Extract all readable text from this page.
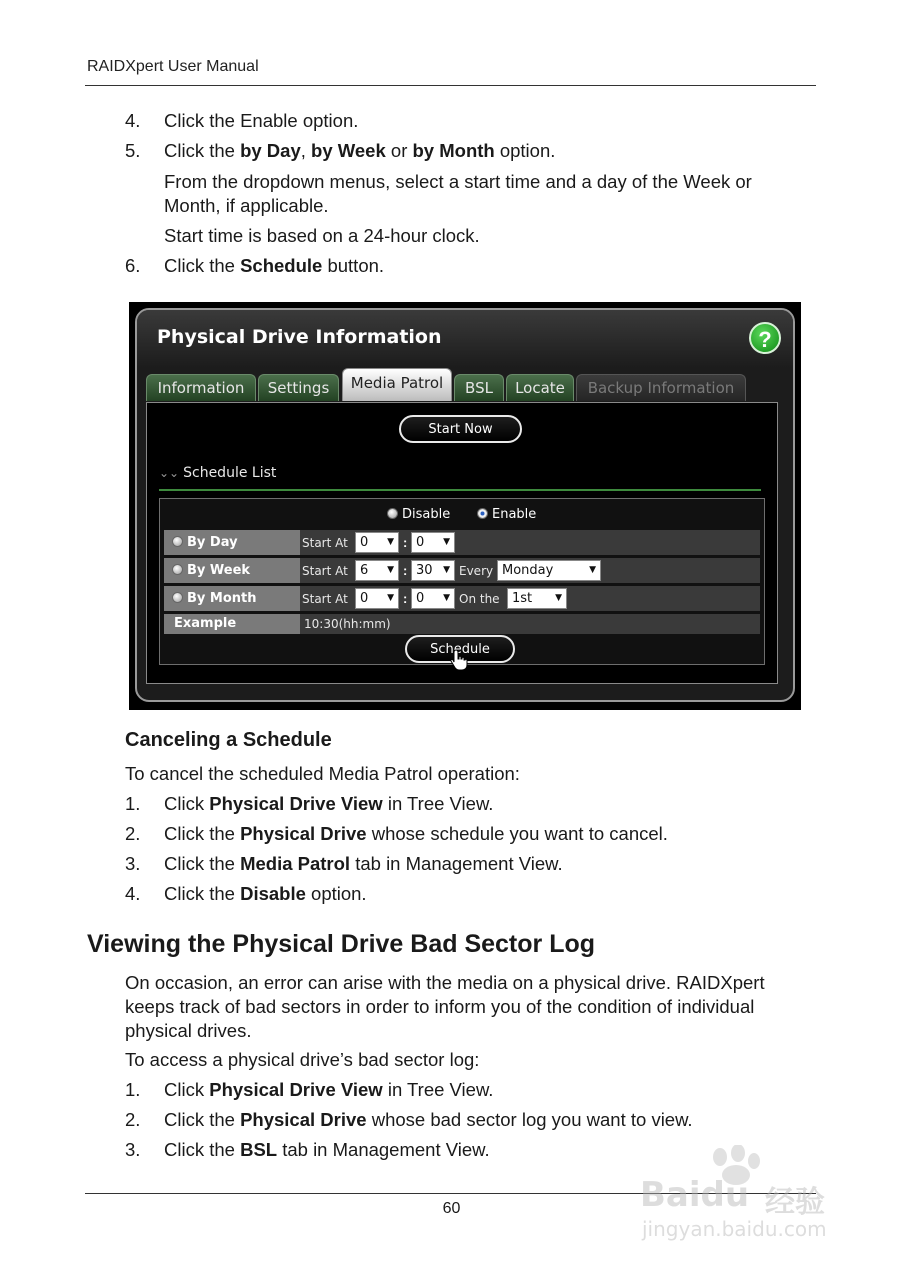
RAIDXpert User Manual
4. Click the Enable option.
5. Click the by Day, by Week or by Month option.
From the dropdown menus, select a start time and a day of the Week or
Month, if applicable.
Start time is based on a 24-hour clock.
6. Click the Schedule button.
Physical Drive Information	?
Information	Settings	Media Patrol	BSL	Locate	Backup Information
Start Now
⌄⌄ Schedule List
Disable	Enable
By Day	Start At 0 ▼ : 0 ▼
By Week	Start At 6 ▼ : 30 ▼ Every Monday	▼
By Month	Start At 0 ▼ : 0 ▼ On the 1st	▼
Example	10:30(hh:mm)
Schedule
Canceling a Schedule
To cancel the scheduled Media Patrol operation:
1. Click Physical Drive View in Tree View.
2. Click the Physical Drive whose schedule you want to cancel.
3. Click the Media Patrol tab in Management View.
4. Click the Disable option.
Viewing the Physical Drive Bad Sector Log
On occasion, an error can arise with the media on a physical drive. RAIDXpert
keeps track of bad sectors in order to inform you of the condition of individual
physical drives.
To access a physical drive’s bad sector log:
1. Click Physical Drive View in Tree View.
2. Click the Physical Drive whose bad sector log you want to view.
3. Click the BSL tab in Management View.
60	Baidu 经验
jingyan.baidu.com
